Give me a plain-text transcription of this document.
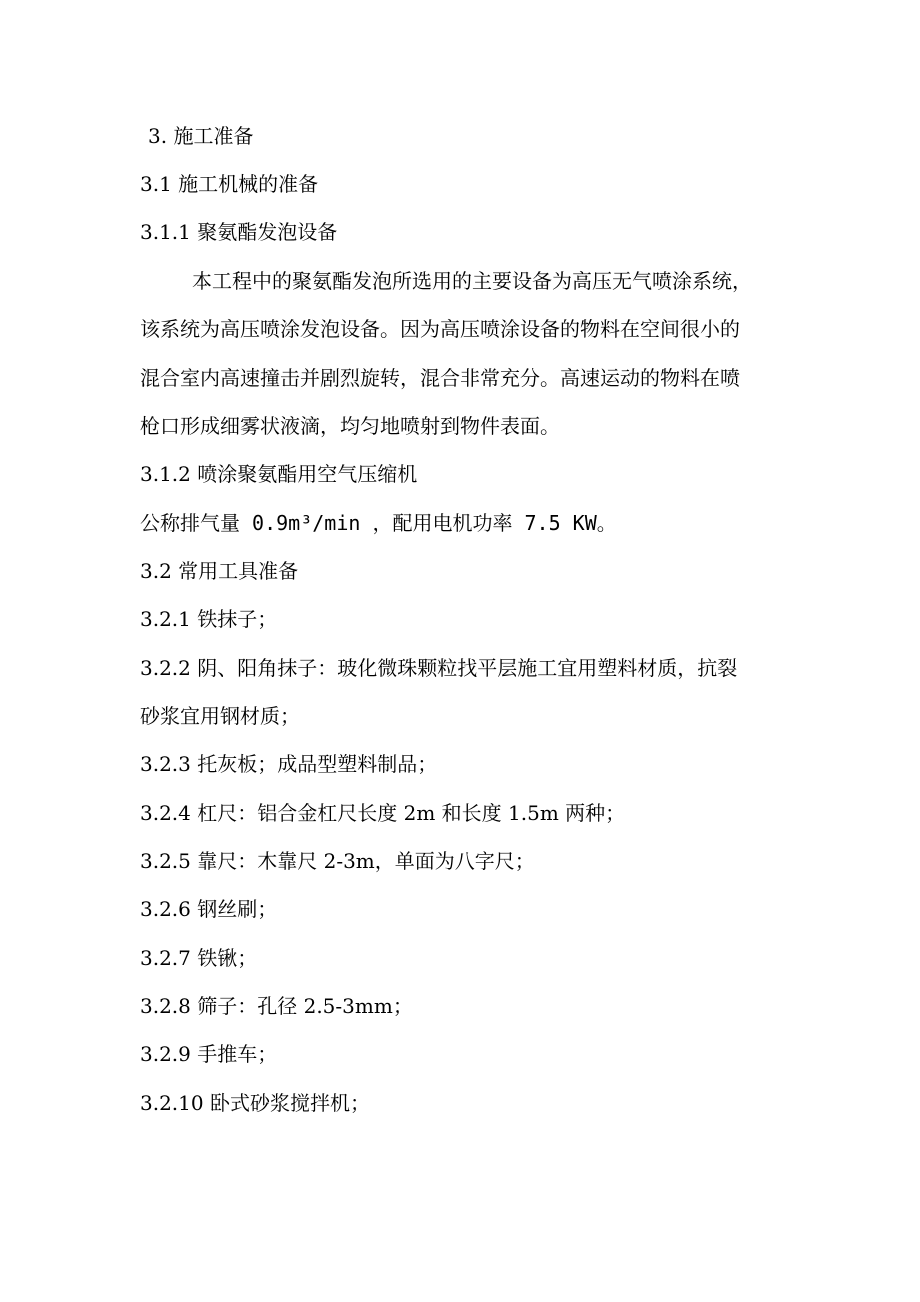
3. 施工准备
3.1 施工机械的准备
3.1.1 聚氨酯发泡设备
本工程中的聚氨酯发泡所选用的主要设备为高压无气喷涂系统，
该系统为高压喷涂发泡设备。因为高压喷涂设备的物料在空间很小的
混合室内高速撞击并剧烈旋转，混合非常充分。高速运动的物料在喷
枪口形成细雾状液滴，均匀地喷射到物件表面。
3.1.2 喷涂聚氨酯用空气压缩机
公称排气量 0.9m³/min ，配用电机功率 7.5 KW。
3.2 常用工具准备
3.2.1 铁抹子；
3.2.2 阴、阳角抹子：玻化微珠颗粒找平层施工宜用塑料材质，抗裂
砂浆宜用钢材质；
3.2.3 托灰板；成品型塑料制品；
3.2.4 杠尺：铝合金杠尺长度 2m 和长度 1.5m 两种；
3.2.5 靠尺：木靠尺 2-3m，单面为八字尺；
3.2.6 钢丝刷；
3.2.7 铁锹；
3.2.8 筛子：孔径 2.5-3mm；
3.2.9 手推车；
3.2.10 卧式砂浆搅拌机；
